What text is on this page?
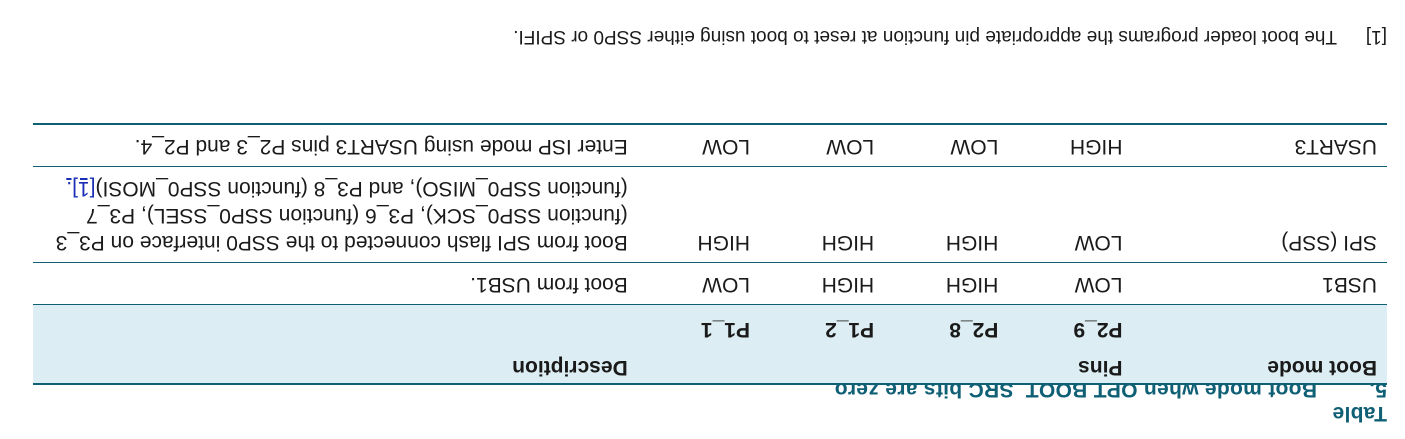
Table 5.Boot mode when OPT BOOT_SRC bits are zero
Boot mode	Pins				Description
	P2_9	P2_8	P1_2	P1_1	
USB1	LOW	HIGH	HIGH	LOW	Boot from USB1.
SPI (SSP)	LOW	HIGH	HIGH	HIGH	Boot from SPI flash connected to the SSP0 interface on P3_3 (function SSP0_SCK), P3_6 (function SSP0_SSEL), P3_7 (function SSP0_MISO), and P3_8 (function SSP0_MOSI)[1].
USART3	HIGH	LOW	LOW	LOW	Enter ISP mode using USART3 pins P2_3 and P2_4.
[1]The boot loader programs the appropriate pin function at reset to boot using either SSP0 or SPIFI.
